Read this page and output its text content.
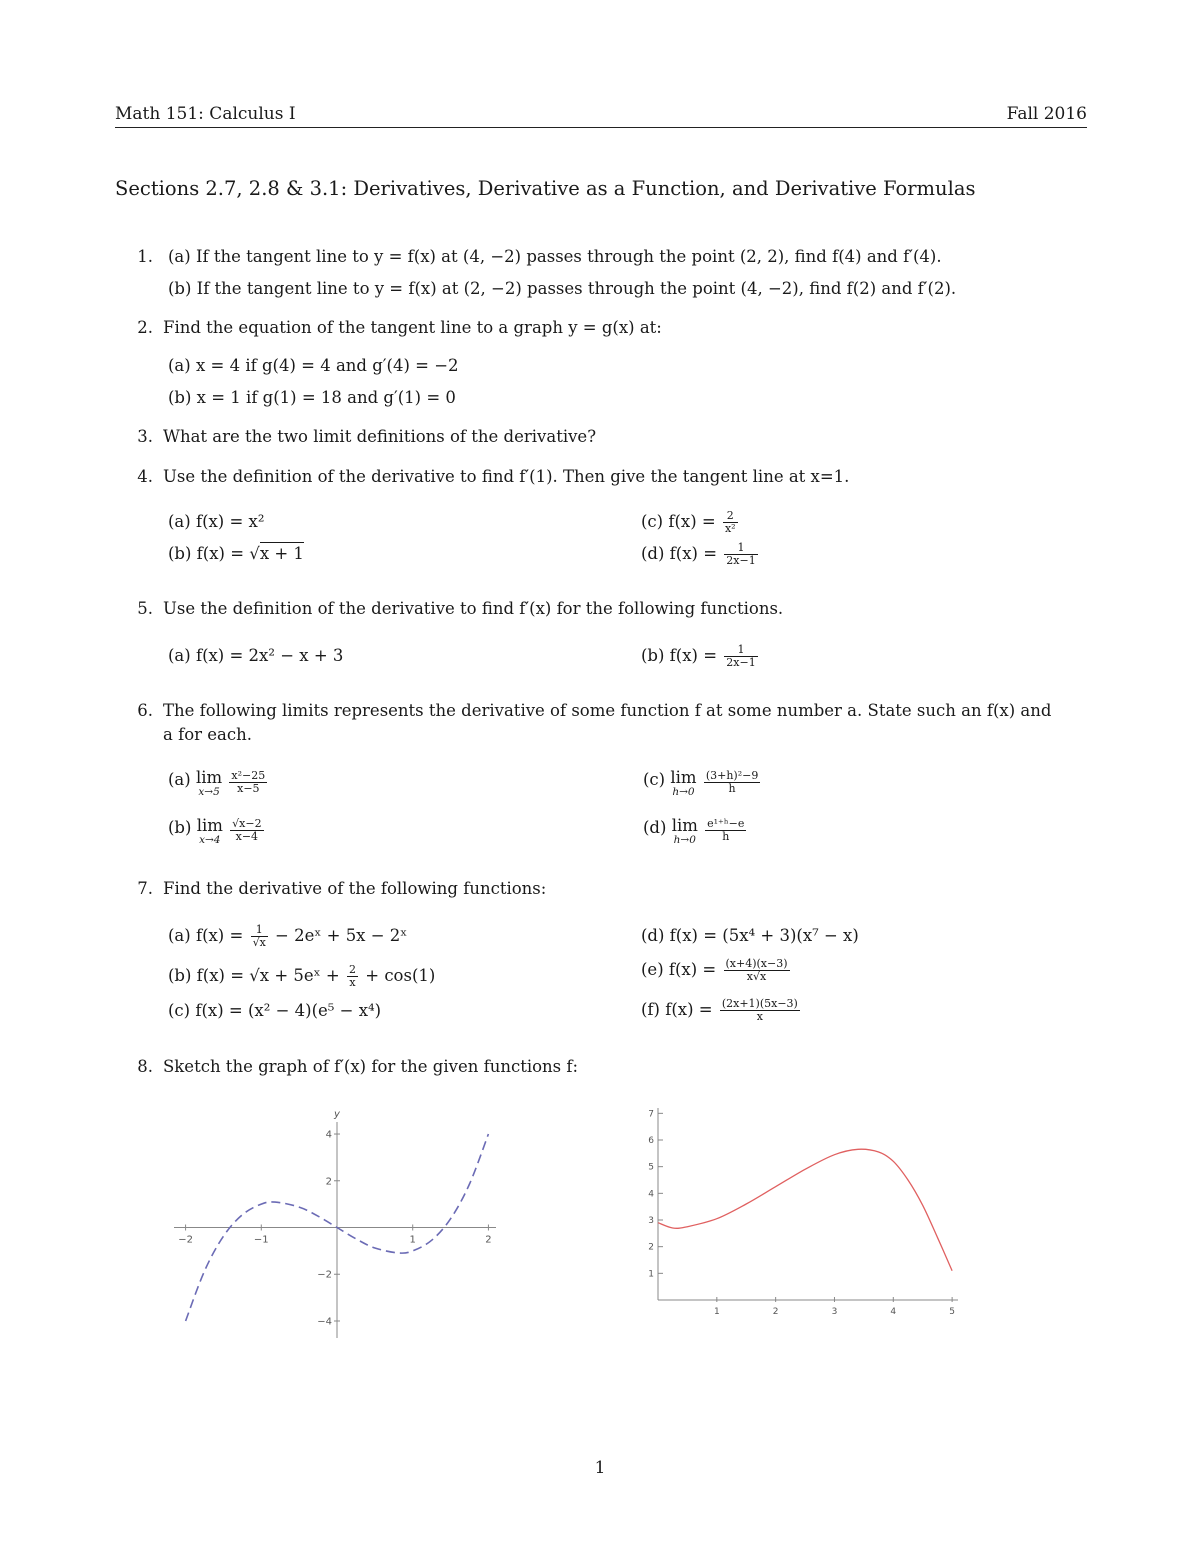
Math 151: Calculus I	Fall 2016
Sections 2.7, 2.8 & 3.1: Derivatives, Derivative as a Function, and Derivative Formulas
1. (a) If the tangent line to y = f(x) at (4, −2) passes through the point (2, 2), find f(4) and f′(4).
(b) If the tangent line to y = f(x) at (2, −2) passes through the point (4, −2), find f(2) and f′(2).
2. Find the equation of the tangent line to a graph y = g(x) at:
(a) x = 4 if g(4) = 4 and g′(4) = −2
(b) x = 1 if g(1) = 18 and g′(1) = 0
3. What are the two limit definitions of the derivative?
4. Use the definition of the derivative to find f′(1). Then give the tangent line at x=1.
(a) f(x) = x²
(b) f(x) = √x + 1
(c) $f(x) = \frac{2}{\text{x²}}$
(d) $f(x) = \frac{1}{2x-1}$
5. Use the definition of the derivative to find f′(x) for the following functions.
(a) f(x) = 2x² − x + 3	(b) $f(x) = \frac{1}{2x-1}$
6. The following limits represents the derivative of some function f at some number a. State such an f(x) and
a for each.
(a) lim
x→5
$\frac{\text{x²−25}}{x-5}$
(b) lim
x→4
$\frac{√x-2}{x-4}$
(c) lim
h→0
$\frac{\text{(3+h)²−9}}{h}$
(d) lim
h→0
$\frac{\text{e¹⁺ʰ−e}}{h}$
7. Find the derivative of the following functions:
(a) $f(x) = \frac{1}{√x}$ − 2eˣ + 5x − 2ˣ
(b) f(x) = √x + 5eˣ + $\frac{2}{x} + \cos(1)$
(c) f(x) = (x² − 4)(e⁵ − x⁴)
(d) f(x) = (5x⁴ + 3)(x⁷ − x)
(e) $f(x) = \frac{(x+4)(x-3)}{x√x}$
(f) $f(x) = \frac{(2x+1)(5x-3)}{x}$
8. Sketch the graph of f′(x) for the given functions f:
y
−2	−1	1	2
4
2
−2
−4
1	2	3	4	5
1
2
3
4
5
6
7
1
